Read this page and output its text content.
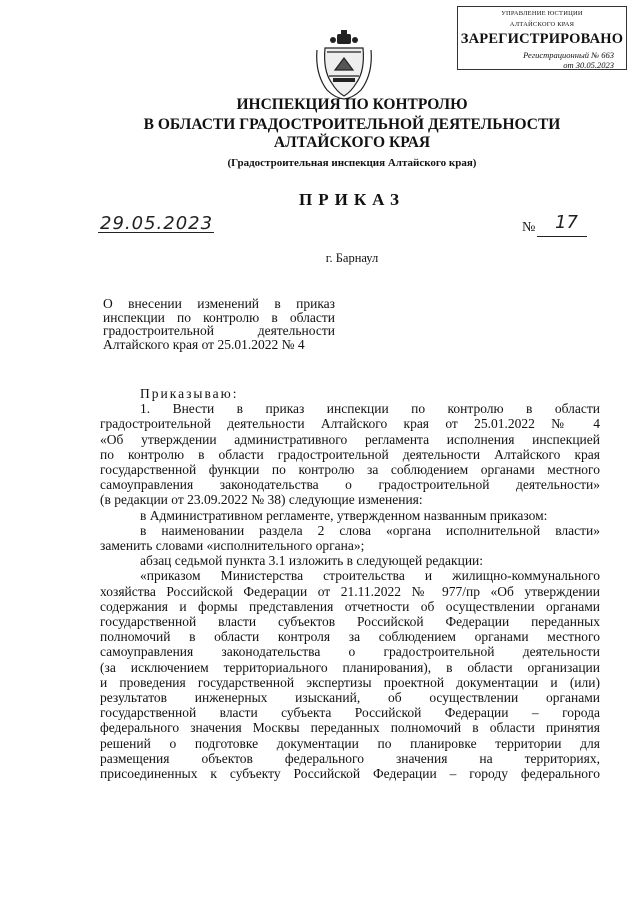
УПРАВЛЕНИЕ ЮСТИЦИИ
АЛТАЙСКОГО КРАЯ
ЗАРЕГИСТРИРОВАНО
Регистрационный № 663
от 30.05.2023
ИНСПЕКЦИЯ ПО КОНТРОЛЮ
В ОБЛАСТИ ГРАДОСТРОИТЕЛЬНОЙ ДЕЯТЕЛЬНОСТИ
АЛТАЙСКОГО КРАЯ
(Градостроительная инспекция Алтайского края)
ПРИКАЗ
29.05.2023	№ 17
г. Барнаул
О внесении изменений в приказ
инспекции по контролю в области
градостроительной деятельности
Алтайского края от 25.01.2022 № 4
Приказываю:
1. Внести в приказ инспекции по контролю в области
градостроительной деятельности Алтайского края от 25.01.2022 № 4
«Об утверждении административного регламента исполнения инспекцией
по контролю в области градостроительной деятельности Алтайского края
государственной функции по контролю за соблюдением органами местного
самоуправления законодательства о градостроительной деятельности»
(в редакции от 23.09.2022 № 38) следующие изменения:
в Административном регламенте, утвержденном названным приказом:
в наименовании раздела 2 слова «органа исполнительной власти»
заменить словами «исполнительного органа»;
абзац седьмой пункта 3.1 изложить в следующей редакции:
«приказом Министерства строительства и жилищно-коммунального
хозяйства Российской Федерации от 21.11.2022 № 977/пр «Об утверждении
содержания и формы представления отчетности об осуществлении органами
государственной власти субъектов Российской Федерации переданных
полномочий в области контроля за соблюдением органами местного
самоуправления законодательства о градостроительной деятельности
(за исключением территориального планирования), в области организации
и проведения государственной экспертизы проектной документации и (или)
результатов инженерных изысканий, об осуществлении органами
государственной власти субъекта Российской Федерации – города
федерального значения Москвы переданных полномочий в области принятия
решений о подготовке документации по планировке территории для
размещения объектов федерального значения на территориях,
присоединенных к субъекту Российской Федерации – городу федерального
